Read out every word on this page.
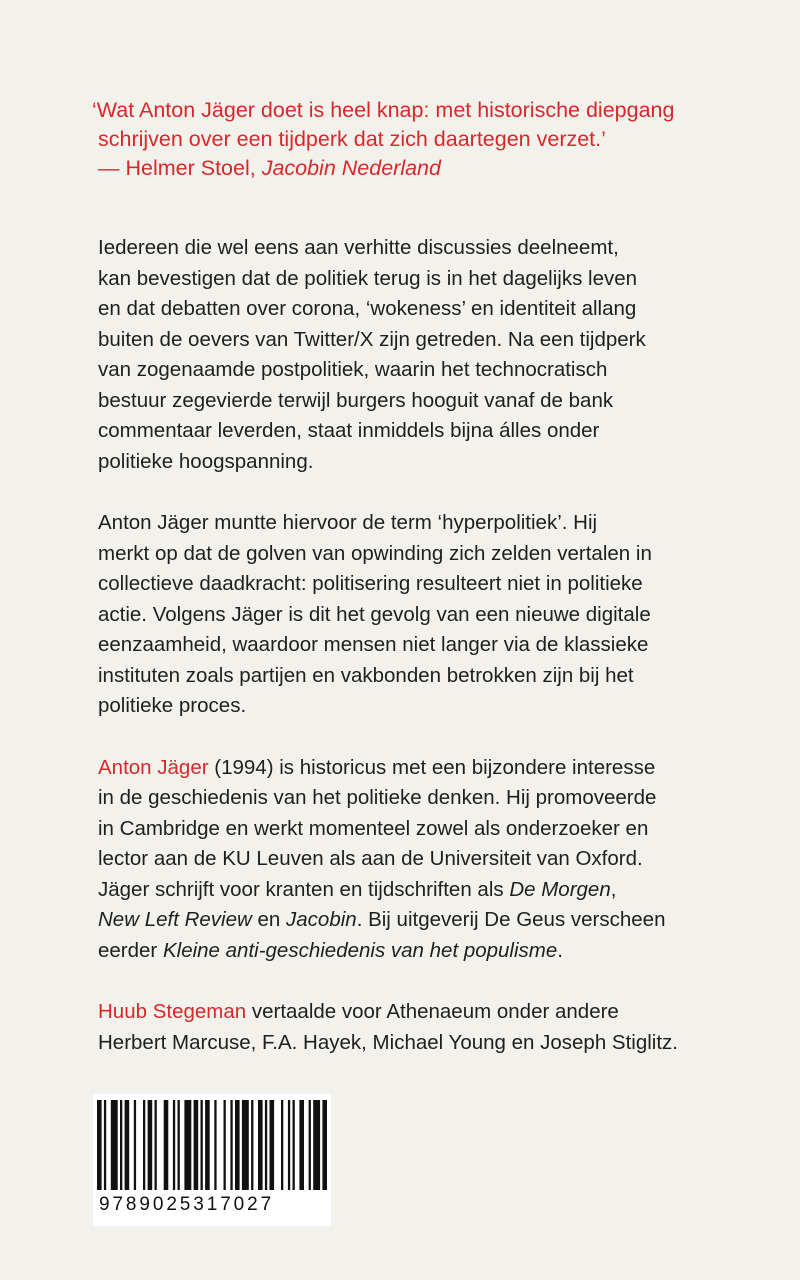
‘Wat Anton Jäger doet is heel knap: met historische diepgang

schrijven over een tijdperk dat zich daartegen verzet.’

— Helmer Stoel, Jacobin Nederland

Iedereen die wel eens aan verhitte discussies deelneemt,
kan bevestigen dat de politiek terug is in het dagelijks leven
en dat debatten over corona, ‘wokeness’ en identiteit allang
buiten de oevers van Twitter/X zijn getreden. Na een tijdperk
van zogenaamde postpolitiek, waarin het technocratisch
bestuur zegevierde terwijl burgers hooguit vanaf de bank
commentaar leverden, staat inmiddels bijna álles onder
politieke hoogspanning.

Anton Jäger muntte hiervoor de term ‘hyperpolitiek’. Hij
merkt op dat de golven van opwinding zich zelden vertalen in
collectieve daadkracht: politisering resulteert niet in politieke
actie. Volgens Jäger is dit het gevolg van een nieuwe digitale
eenzaamheid, waardoor mensen niet langer via de klassieke
instituten zoals partijen en vakbonden betrokken zijn bij het
politieke proces.

Anton Jäger (1994) is historicus met een bijzondere interesse
in de geschiedenis van het politieke denken. Hij promoveerde
in Cambridge en werkt momenteel zowel als onderzoeker en
lector aan de KU Leuven als aan de Universiteit van Oxford.
Jäger schrijft voor kranten en tijdschriften als De Morgen,
New Left Review en Jacobin. Bij uitgeverij De Geus verscheen
eerder Kleine anti-geschiedenis van het populisme.

Huub Stegeman vertaalde voor Athenaeum onder andere
Herbert Marcuse, F.A. Hayek, Michael Young en Joseph Stiglitz.

9789025317027
